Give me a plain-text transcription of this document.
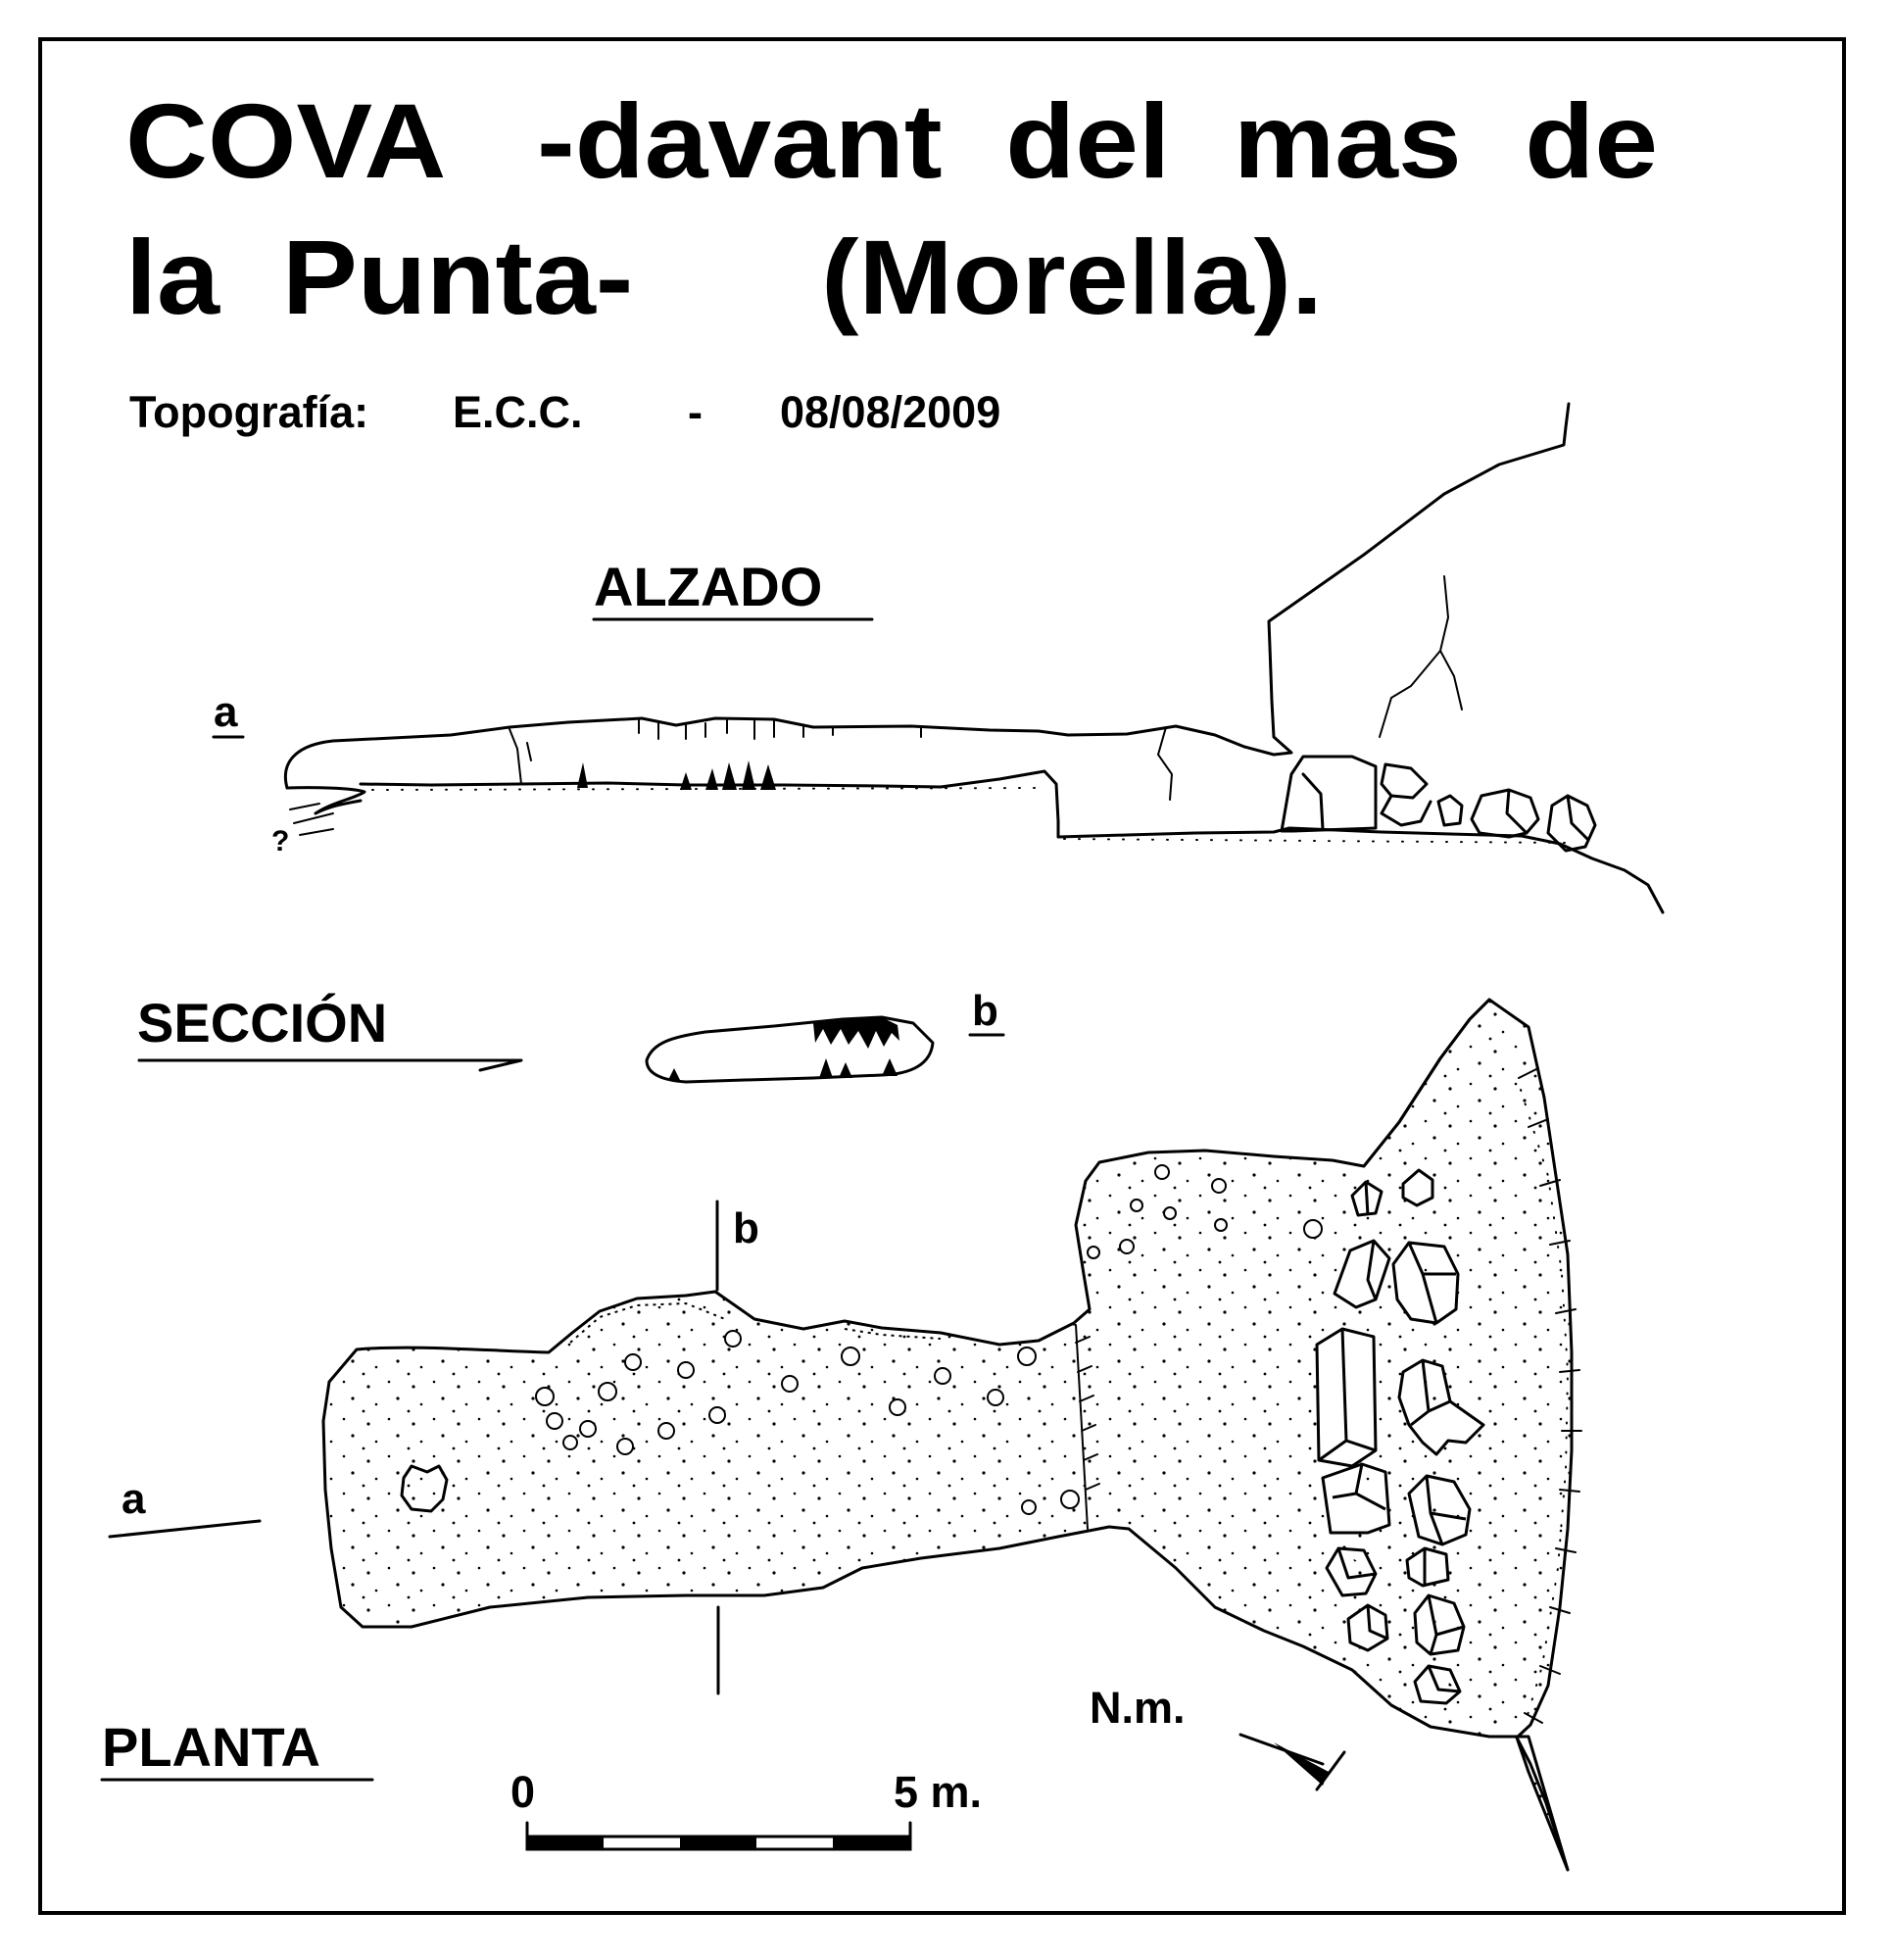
COVA   -davant  del  mas  de
la  Punta-      (Morella).
Topografía: E.C.C. - 08/08/2009
ALZADO
a
?
SECCIÓN	b
PLANTA
a
b
N.m.
0	5 m.
